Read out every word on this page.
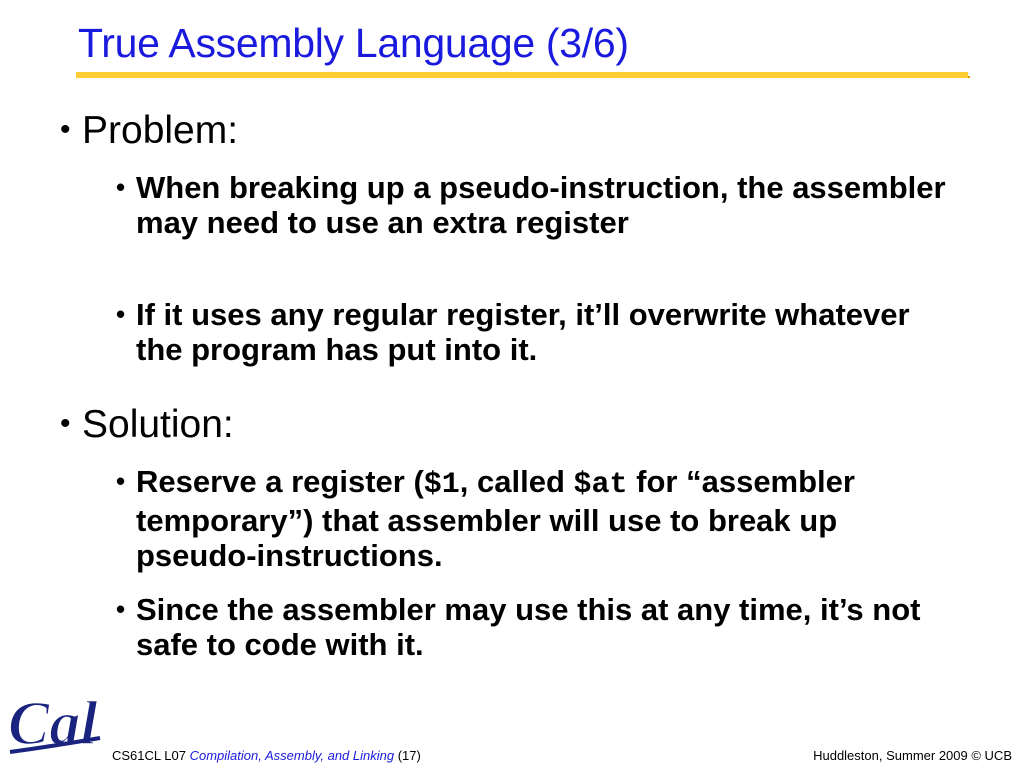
True Assembly Language (3/6)
• Problem:
• When breaking up a pseudo-instruction, the assembler may need to use an extra register
• If it uses any regular register, it’ll overwrite whatever the program has put into it.
• Solution:
• Reserve a register ($1, called $at for “assembler temporary”) that assembler will use to break up pseudo-instructions.
• Since the assembler may use this at any time, it’s not safe to code with it.
Cal CS61CL L07 Compilation, Assembly, and Linking (17)	Huddleston, Summer 2009 © UCB
